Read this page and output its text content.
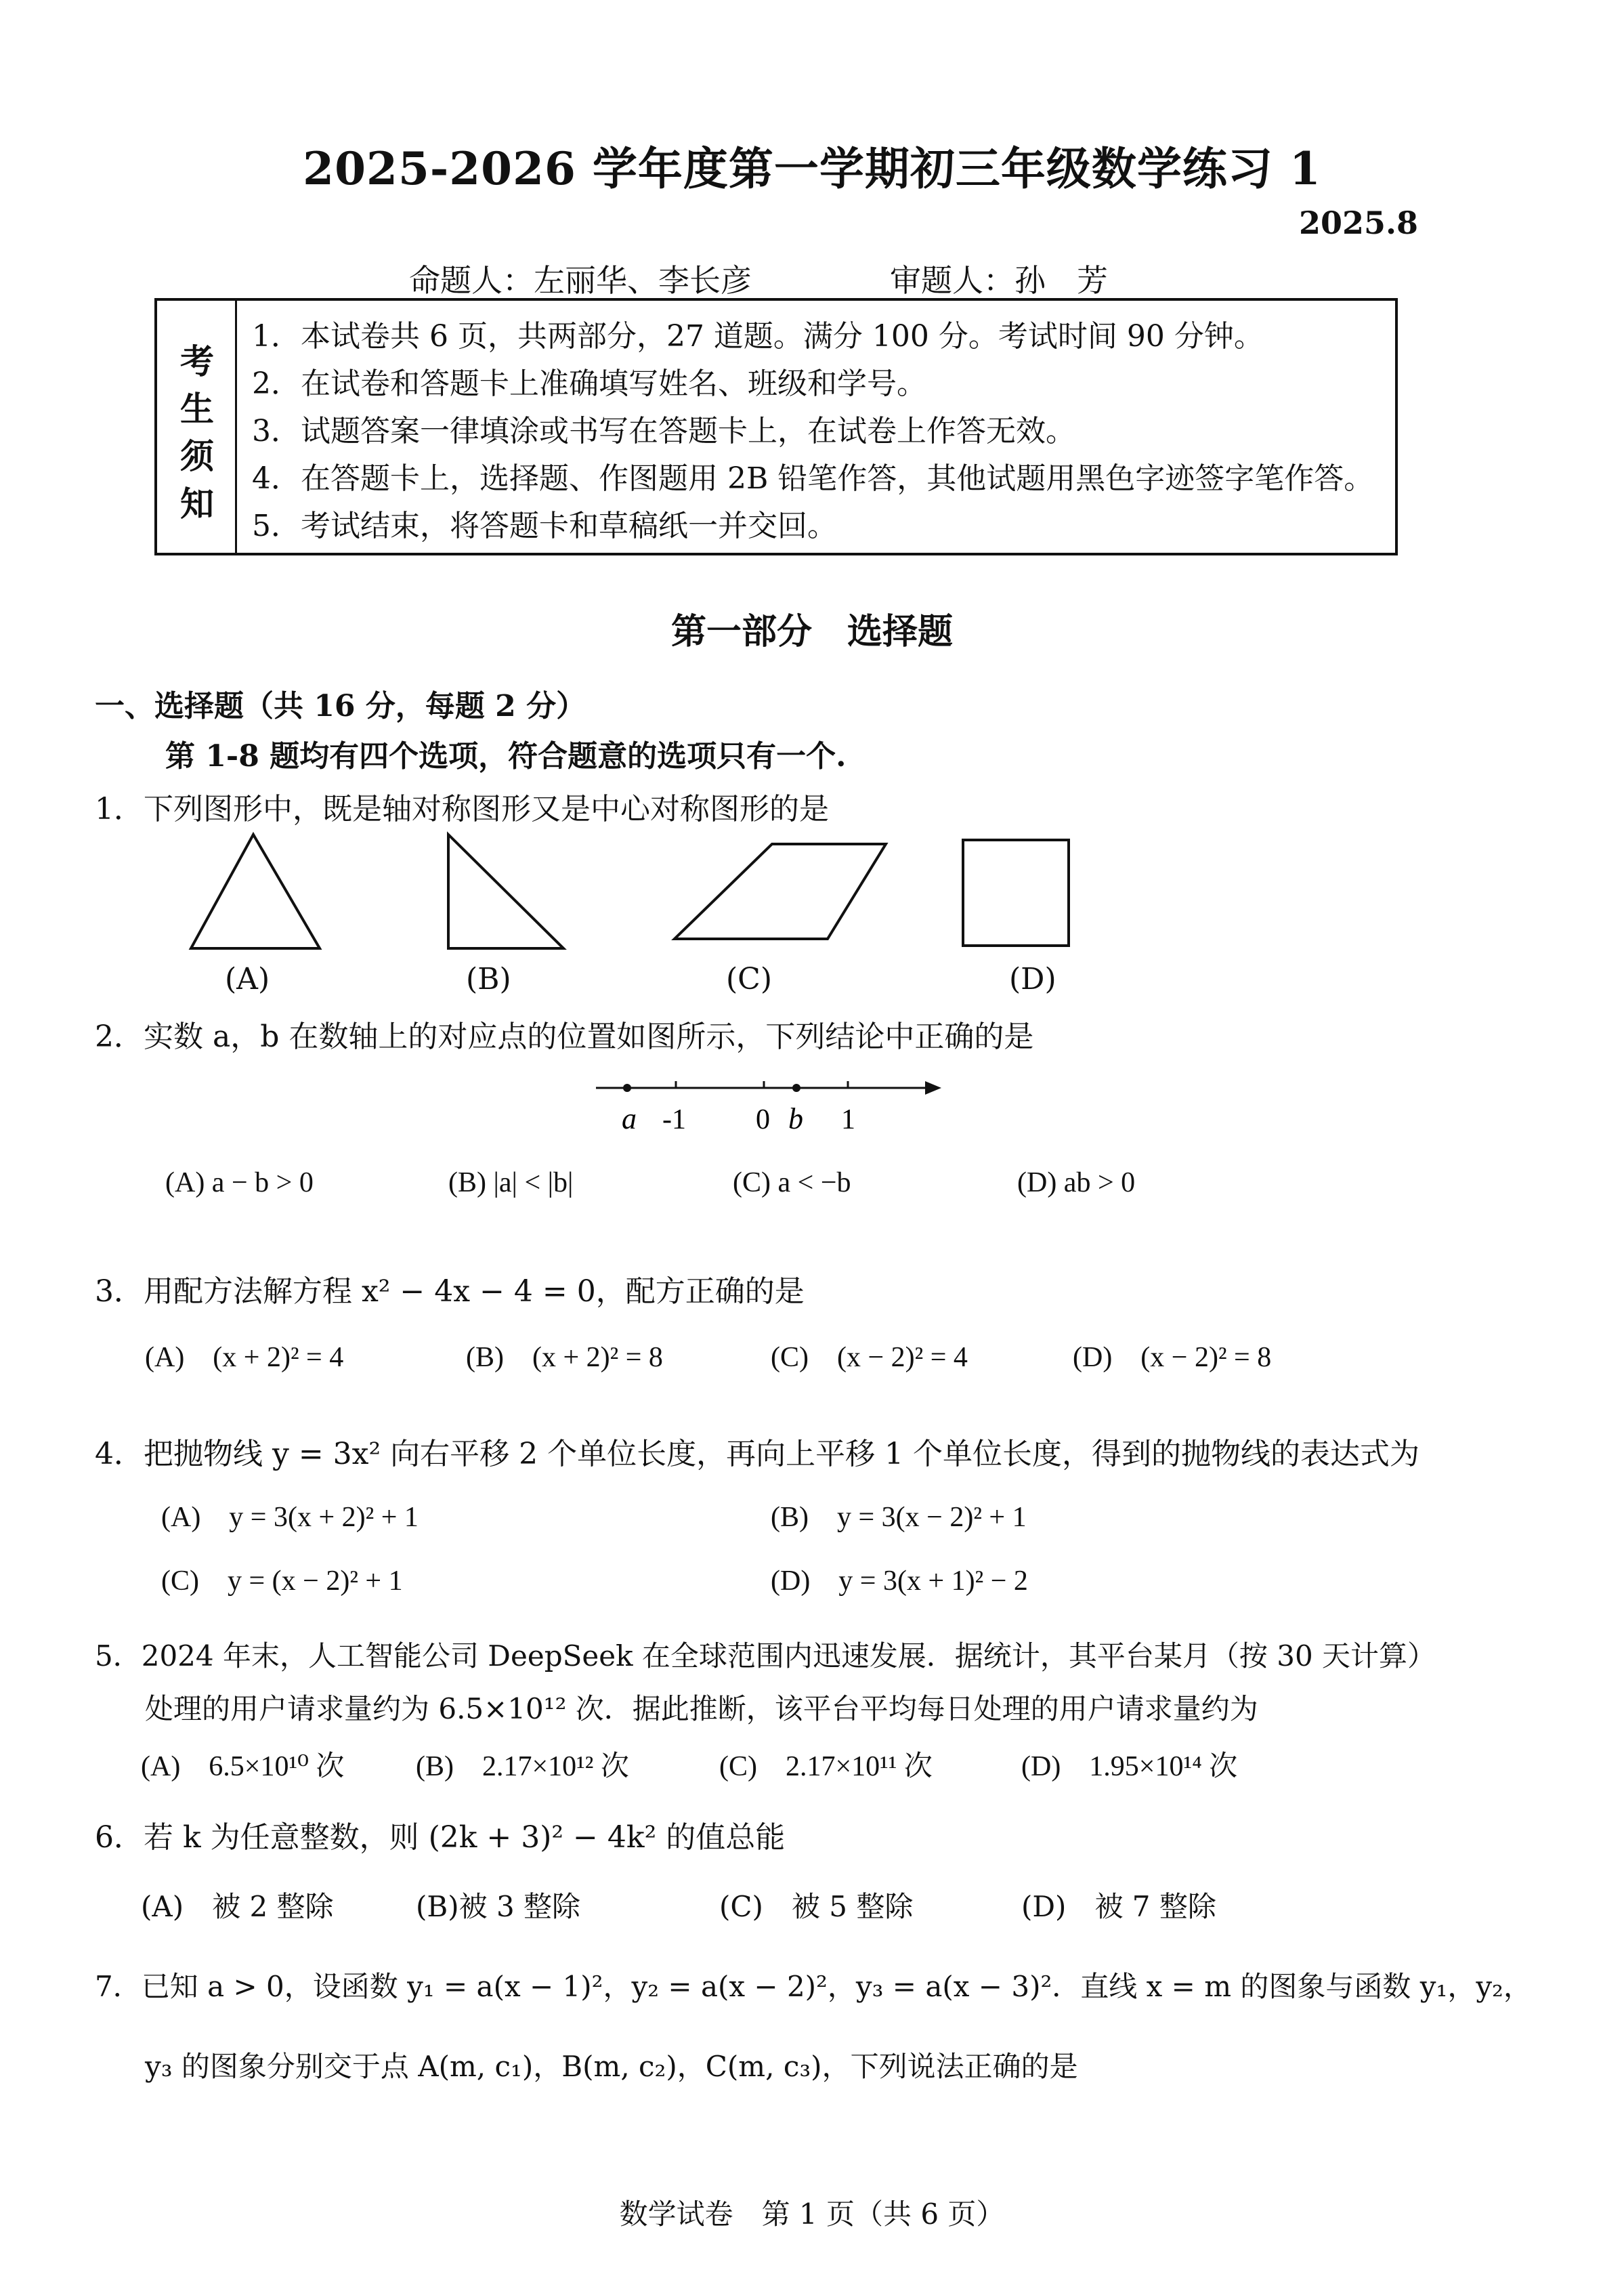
2025-2026 学年度第一学期初三年级数学练习 1
2025.8
命题人：左丽华、李长彦	审题人：孙　芳
考
生
须
知
1．本试卷共 6 页，共两部分，27 道题。满分 100 分。考试时间 90 分钟。
2．在试卷和答题卡上准确填写姓名、班级和学号。
3．试题答案一律填涂或书写在答题卡上，在试卷上作答无效。
4．在答题卡上，选择题、作图题用 2B 铅笔作答，其他试题用黑色字迹签字笔作答。
5．考试结束，将答题卡和草稿纸一并交回。
第一部分　选择题
一、选择题（共 16 分，每题 2 分）
第 1-8 题均有四个选项，符合题意的选项只有一个.
1．下列图形中，既是轴对称图形又是中心对称图形的是
(A)	(B)	(C)	(D)
2．实数 a，b 在数轴上的对应点的位置如图所示，下列结论中正确的是
a -1 0 b 1
(A) a − b > 0	(B) |a| < |b|	(C) a < −b	(D) ab > 0
3．用配方法解方程 x² − 4x − 4 = 0，配方正确的是
(A)　(x + 2)² = 4	(B)　(x + 2)² = 8	(C)　(x − 2)² = 4	(D)　(x − 2)² = 8
4．把抛物线 y = 3x² 向右平移 2 个单位长度，再向上平移 1 个单位长度，得到的抛物线的表达式为
(A)　y = 3(x + 2)² + 1	(B)　y = 3(x − 2)² + 1
(C)　y = (x − 2)² + 1	(D)　y = 3(x + 1)² − 2
5．2024 年末，人工智能公司 DeepSeek 在全球范围内迅速发展．据统计，其平台某月（按 30 天计算）
处理的用户请求量约为 6.5×10¹² 次．据此推断，该平台平均每日处理的用户请求量约为
(A)　6.5×10¹⁰ 次	(B)　2.17×10¹² 次	(C)　2.17×10¹¹ 次	(D)　1.95×10¹⁴ 次
6．若 k 为任意整数，则 (2k + 3)² − 4k² 的值总能
(A)　被 2 整除	(B)被 3 整除	(C)　被 5 整除	(D)　被 7 整除
7．已知 a > 0，设函数 y₁ = a(x − 1)²，y₂ = a(x − 2)²，y₃ = a(x − 3)²．直线 x = m 的图象与函数 y₁，y₂，
y₃ 的图象分别交于点 A(m, c₁)，B(m, c₂)，C(m, c₃)，下列说法正确的是
数学试卷　第 1 页（共 6 页）
